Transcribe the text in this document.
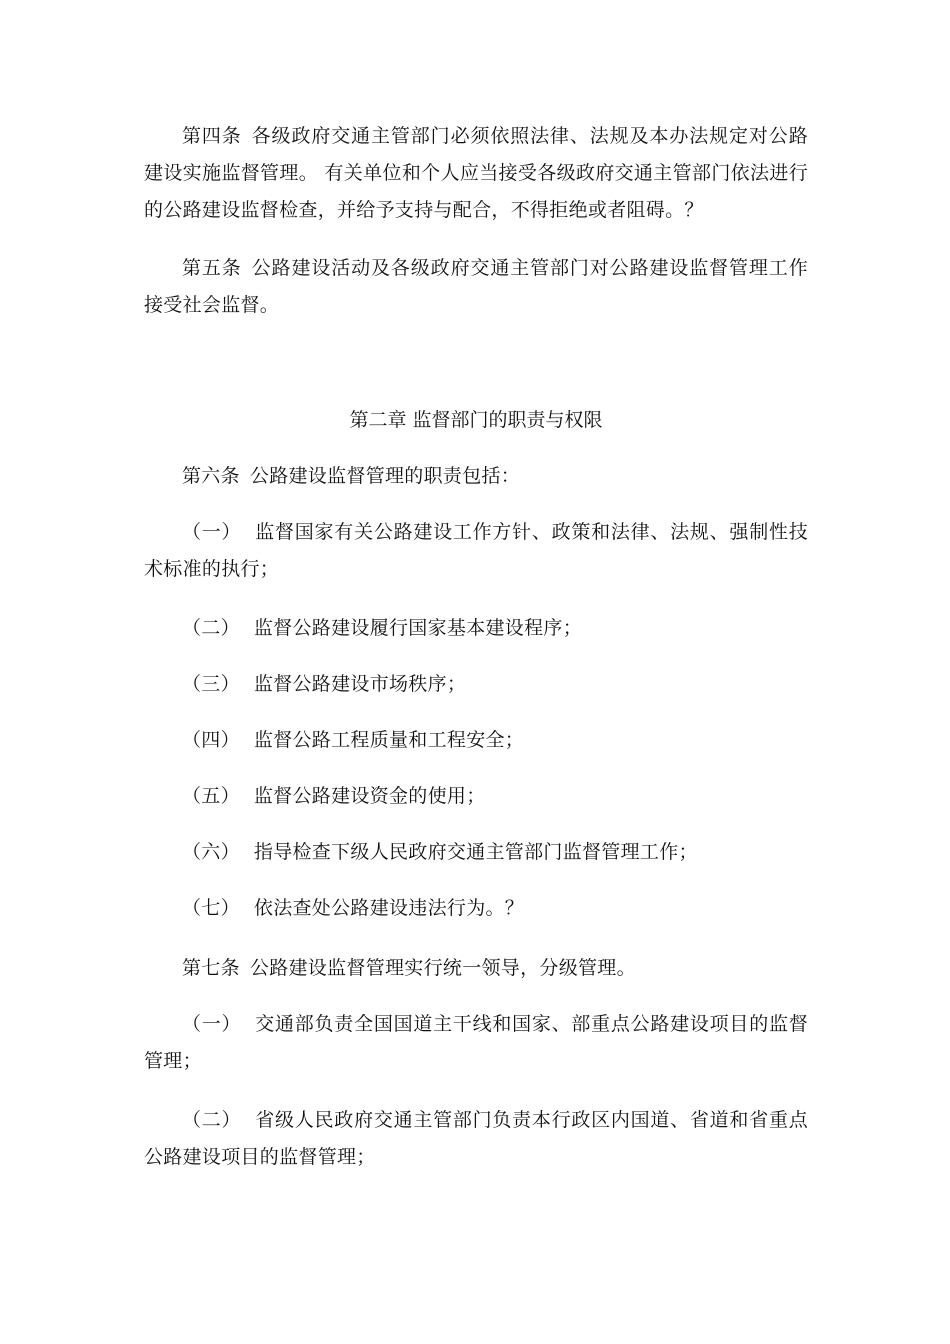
第四条 各级政府交通主管部门必须依照法律、法规及本办法规定对公路建设实施监督管理。 有关单位和个人应当接受各级政府交通主管部门依法进行的公路建设监督检查，并给予支持与配合，不得拒绝或者阻碍。？

第五条 公路建设活动及各级政府交通主管部门对公路建设监督管理工作接受社会监督。

第二章 监督部门的职责与权限

第六条 公路建设监督管理的职责包括：

（一） 监督国家有关公路建设工作方针、政策和法律、法规、强制性技术标准的执行；

（二） 监督公路建设履行国家基本建设程序；

（三） 监督公路建设市场秩序；

（四） 监督公路工程质量和工程安全；

（五） 监督公路建设资金的使用；

（六） 指导检查下级人民政府交通主管部门监督管理工作；

（七） 依法查处公路建设违法行为。？

第七条 公路建设监督管理实行统一领导，分级管理。

（一） 交通部负责全国国道主干线和国家、部重点公路建设项目的监督管理；

（二） 省级人民政府交通主管部门负责本行政区内国道、省道和省重点公路建设项目的监督管理；
